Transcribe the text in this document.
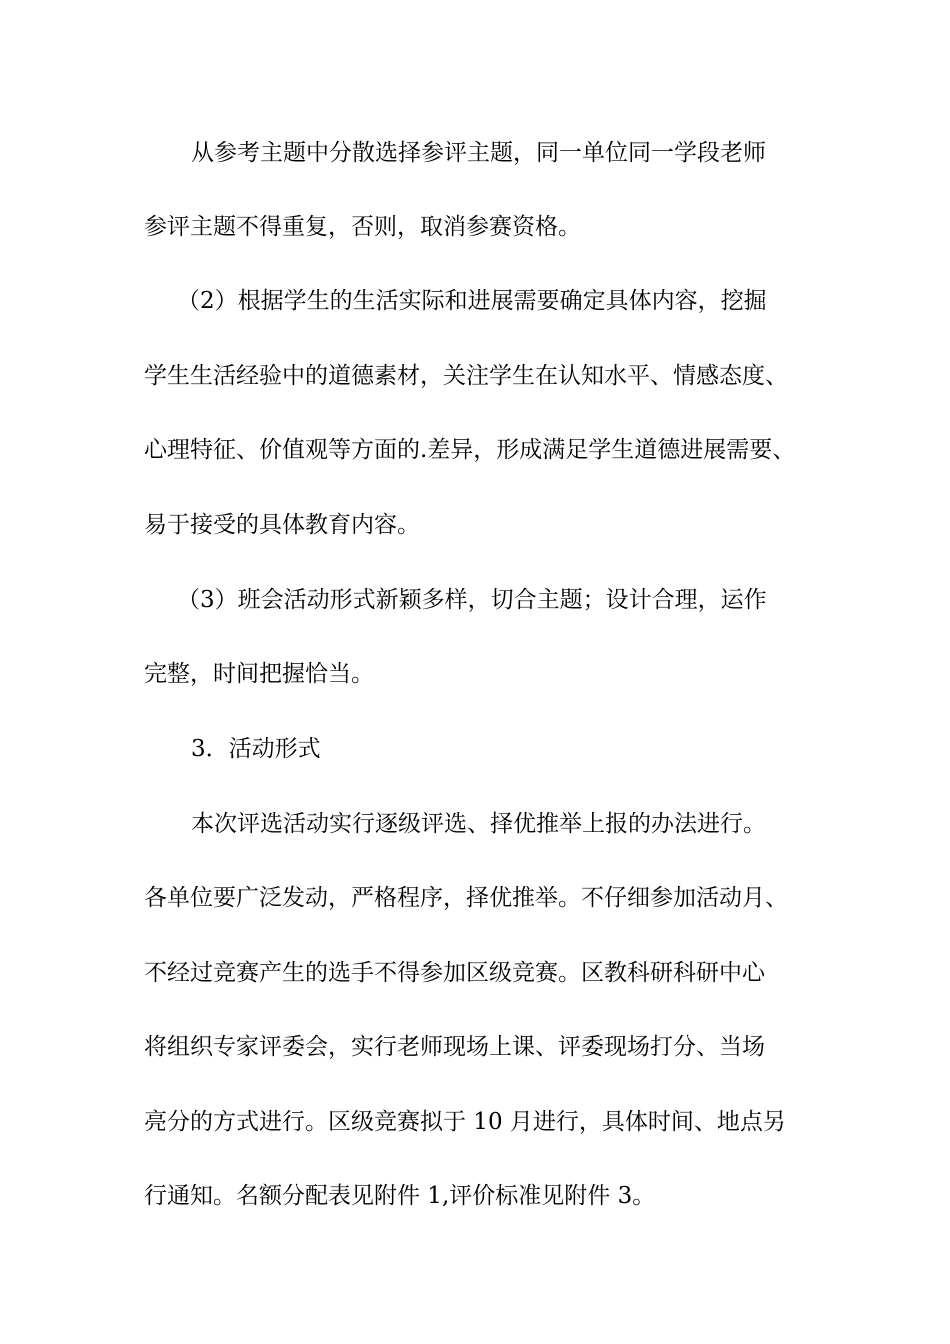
从参考主题中分散选择参评主题，同一单位同一学段老师
参评主题不得重复，否则，取消参赛资格。
（2）根据学生的生活实际和进展需要确定具体内容，挖掘
学生生活经验中的道德素材，关注学生在认知水平、情感态度、
心理特征、价值观等方面的.差异，形成满足学生道德进展需要、
易于接受的具体教育内容。
（3）班会活动形式新颖多样，切合主题；设计合理，运作
完整，时间把握恰当。
3．活动形式
本次评选活动实行逐级评选、择优推举上报的办法进行。
各单位要广泛发动，严格程序，择优推举。不仔细参加活动月、
不经过竞赛产生的选手不得参加区级竞赛。区教科研科研中心
将组织专家评委会，实行老师现场上课、评委现场打分、当场
亮分的方式进行。区级竞赛拟于 10 月进行，具体时间、地点另
行通知。名额分配表见附件 1,评价标准见附件 3。
